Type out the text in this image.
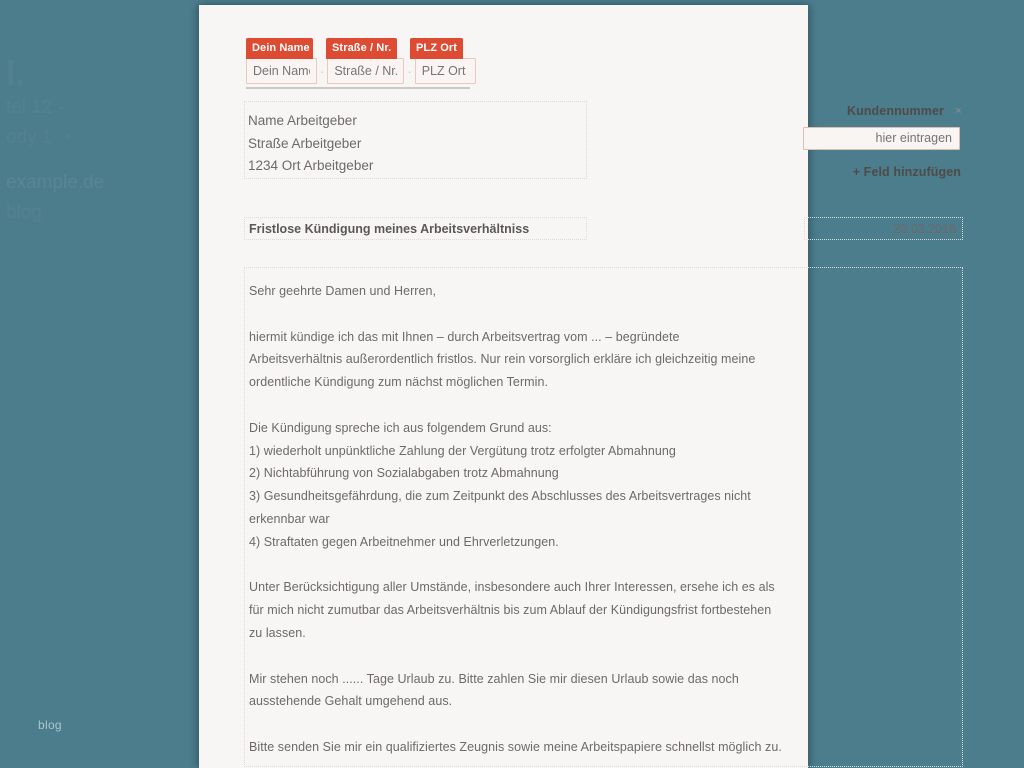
blog
Dein Name	Straße / Nr.	PLZ Ort
Dein Name
·
Straße / Nr.	·
PLZ Ort
Name Arbeitgeber
Straße Arbeitgeber
1234 Ort Arbeitgeber
Kundennummer ×
hier eintragen
+ Feld hinzufügen
Fristlose Kündigung meines Arbeitsverhältniss	23.03.2016

Sehr geehrte Damen und Herren,

hiermit kündige ich das mit Ihnen – durch Arbeitsvertrag vom ... – begründete

Arbeitsverhältnis außerordentlich fristlos. Nur rein vorsorglich erkläre ich gleichzeitig meine

ordentliche Kündigung zum nächst möglichen Termin.

Die Kündigung spreche ich aus folgendem Grund aus:

1) wiederholt unpünktliche Zahlung der Vergütung trotz erfolgter Abmahnung

2) Nichtabführung von Sozialabgaben trotz Abmahnung

3) Gesundheitsgefährdung, die zum Zeitpunkt des Abschlusses des Arbeitsvertrages nicht

erkennbar war

4) Straftaten gegen Arbeitnehmer und Ehrverletzungen.

Unter Berücksichtigung aller Umstände, insbesondere auch Ihrer Interessen, ersehe ich es als

für mich nicht zumutbar das Arbeitsverhältnis bis zum Ablauf der Kündigungsfrist fortbestehen

zu lassen.

Mir stehen noch ...... Tage Urlaub zu. Bitte zahlen Sie mir diesen Urlaub sowie das noch

ausstehende Gehalt umgehend aus.

Bitte senden Sie mir ein qualifiziertes Zeugnis sowie meine Arbeitspapiere schnellst möglich zu.
